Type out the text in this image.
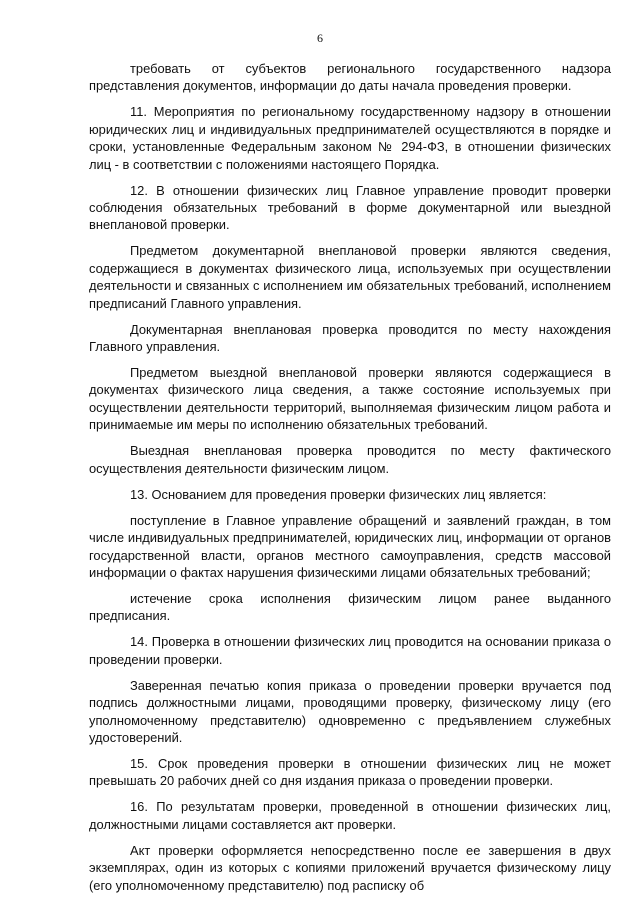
6

требовать от субъектов регионального государственного надзора представления документов, информации до даты начала проведения проверки.

11. Мероприятия по региональному государственному надзору в отношении юридических лиц и индивидуальных предпринимателей осуществляются в порядке и сроки, установленные Федеральным законом № 294-ФЗ, в отношении физических лиц - в соответствии с положениями настоящего Порядка.

12. В отношении физических лиц Главное управление проводит проверки соблюдения обязательных требований в форме документарной или выездной внеплановой проверки.

Предметом документарной внеплановой проверки являются сведения, содержащиеся в документах физического лица, используемых при осуществлении деятельности и связанных с исполнением им обязательных требований, исполнением предписаний Главного управления.

Документарная внеплановая проверка проводится по месту нахождения Главного управления.

Предметом выездной внеплановой проверки являются содержащиеся в документах физического лица сведения, а также состояние используемых при осуществлении деятельности территорий, выполняемая физическим лицом работа и принимаемые им меры по исполнению обязательных требований.

Выездная внеплановая проверка проводится по месту фактического осуществления деятельности физическим лицом.

13. Основанием для проведения проверки физических лиц является:

поступление в Главное управление обращений и заявлений граждан, в том числе индивидуальных предпринимателей, юридических лиц, информации от органов государственной власти, органов местного самоуправления, средств массовой информации о фактах нарушения физическими лицами обязательных требований;

истечение срока исполнения физическим лицом ранее выданного предписания.

14. Проверка в отношении физических лиц проводится на основании приказа о проведении проверки.

Заверенная печатью копия приказа о проведении проверки вручается под подпись должностными лицами, проводящими проверку, физическому лицу (его уполномоченному представителю) одновременно с предъявлением служебных удостоверений.

15. Срок проведения проверки в отношении физических лиц не может превышать 20 рабочих дней со дня издания приказа о проведении проверки.

16. По результатам проверки, проведенной в отношении физических лиц, должностными лицами составляется акт проверки.

Акт проверки оформляется непосредственно после ее завершения в двух экземплярах, один из которых с копиями приложений вручается физическому лицу (его уполномоченному представителю) под расписку об
